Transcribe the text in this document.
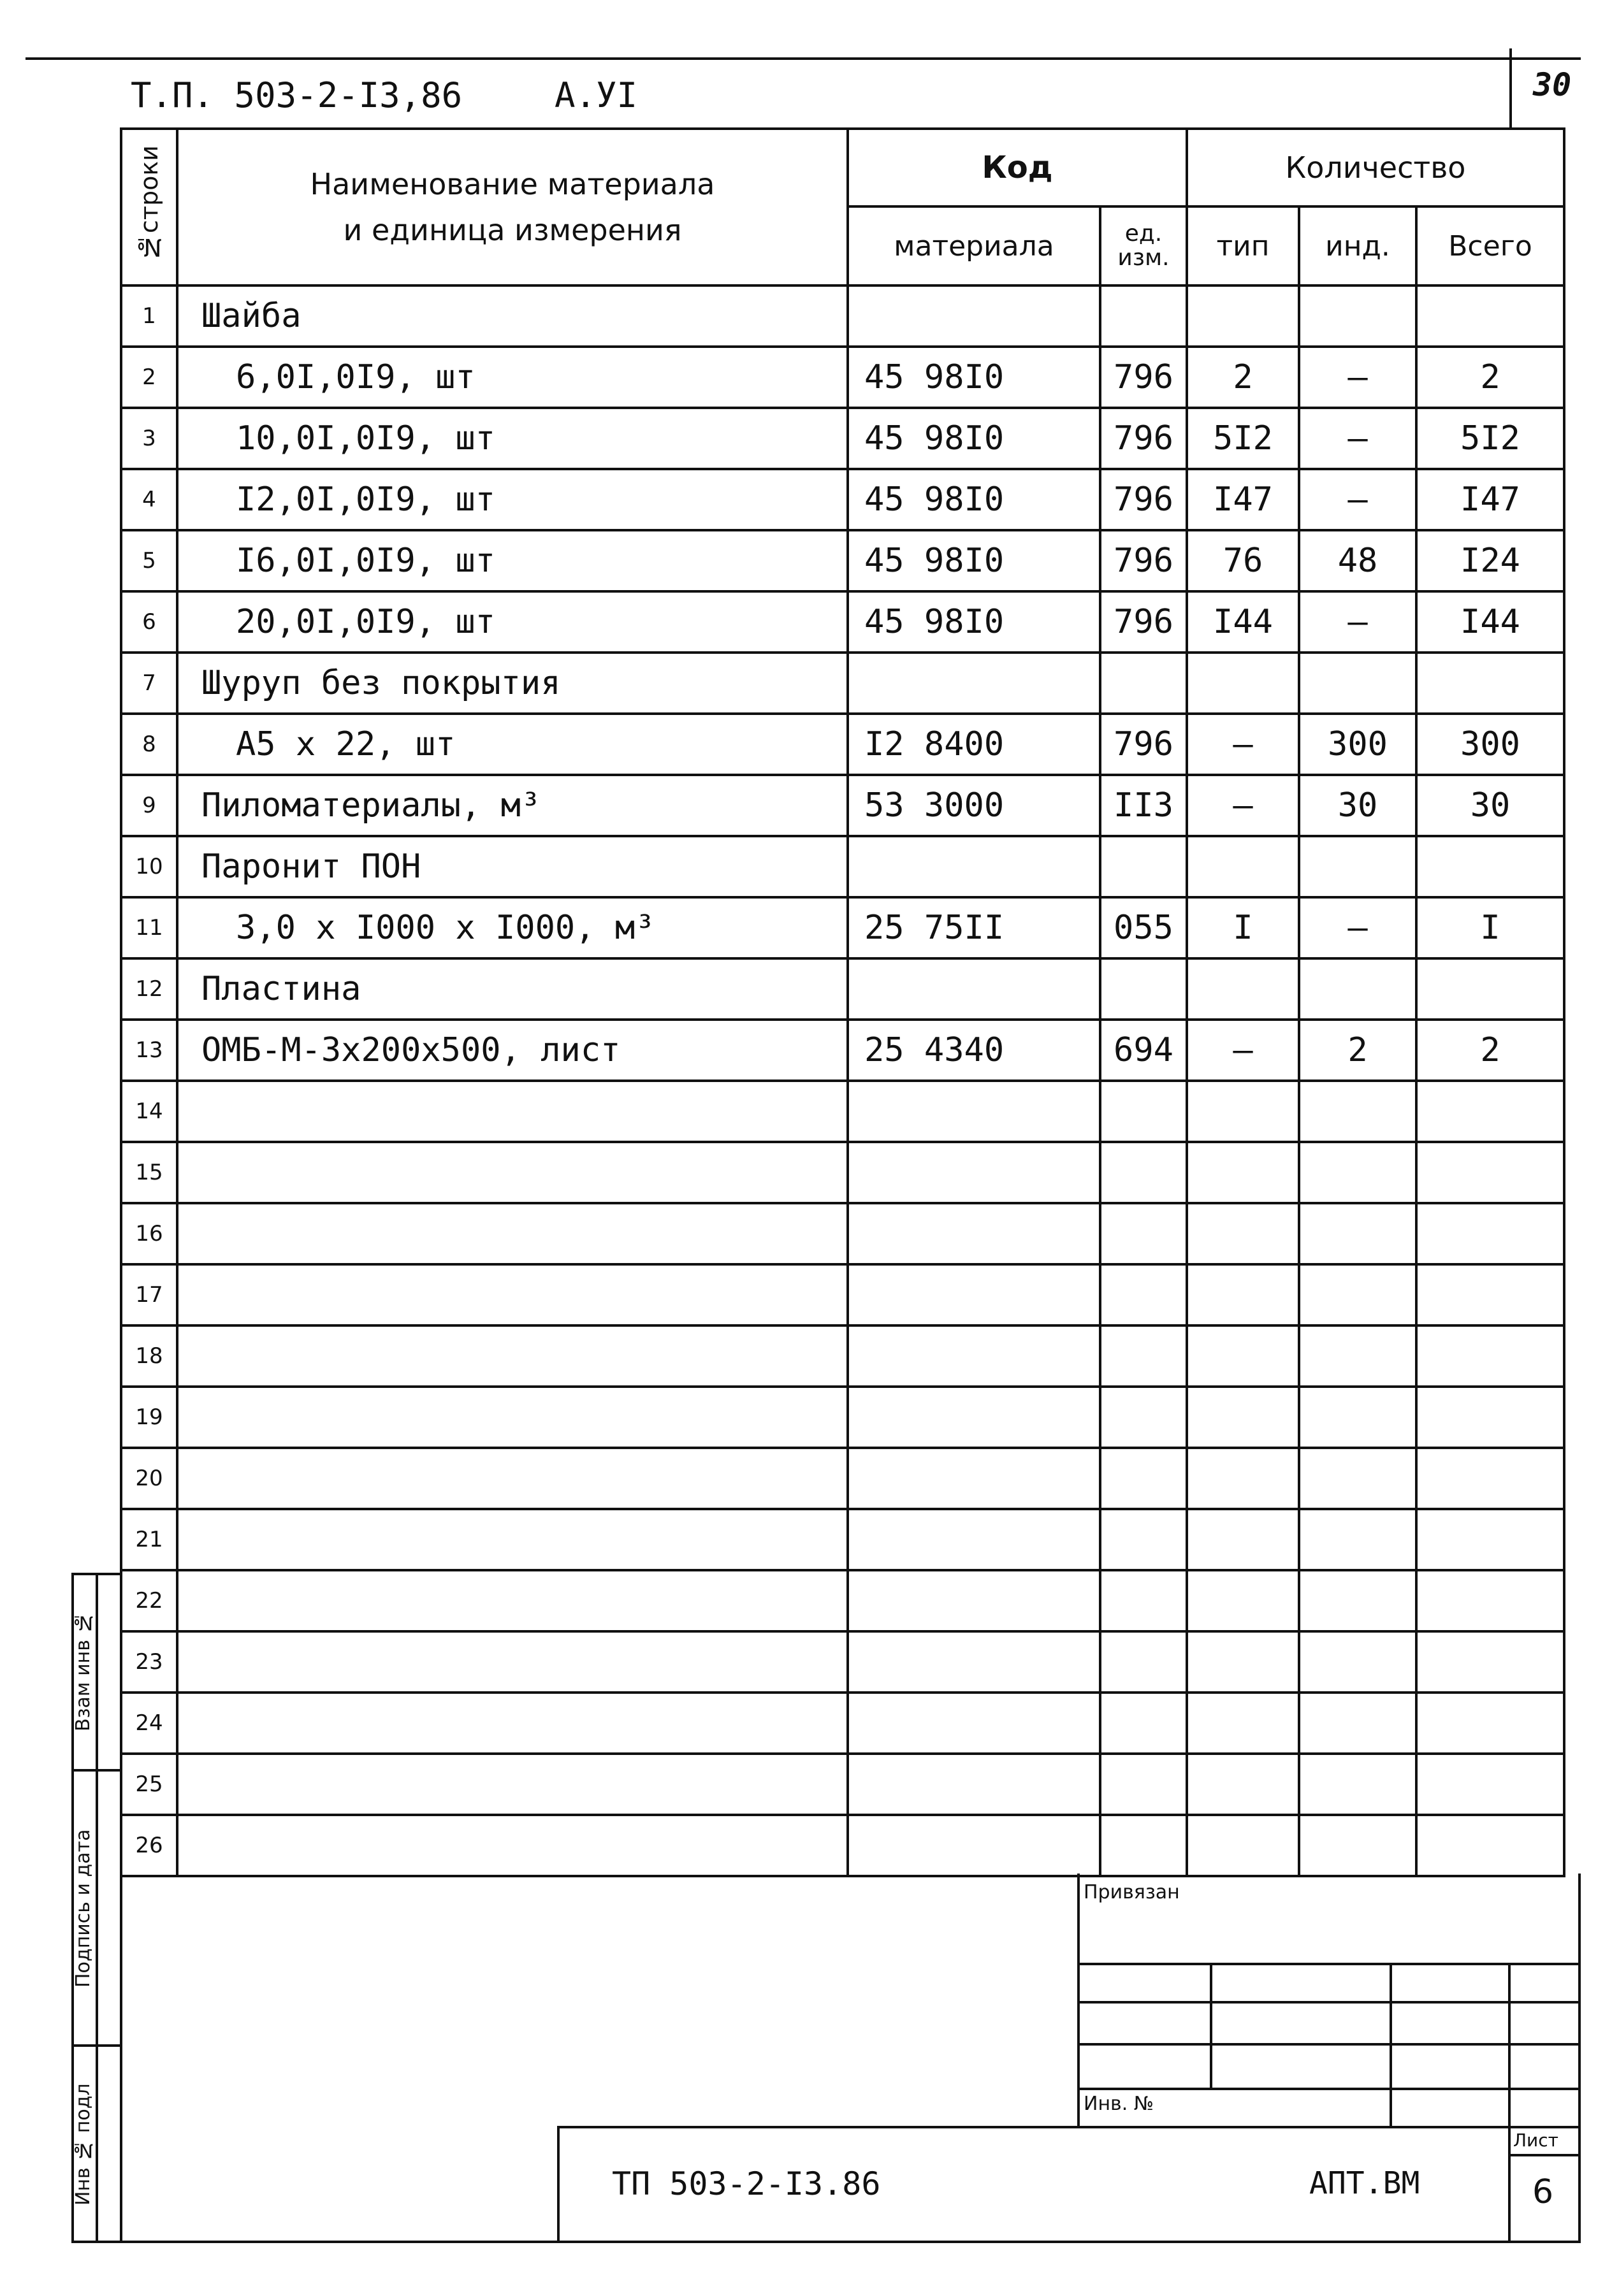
Т.П. 503-2-I3,86	А.УI	30
№строки	Наименование материала
и единица измерения	Код		Количество		
		материала	ед. изм.	тип	инд.	Всего
1	Шайба					
2	6,0I,0I9, шт	45 98I0	796	2	–	2
3	10,0I,0I9, шт	45 98I0	796	5I2	–	5I2
4	I2,0I,0I9, шт	45 98I0	796	I47	–	I47
5	I6,0I,0I9, шт	45 98I0	796	76	48	I24
6	20,0I,0I9, шт	45 98I0	796	I44	–	I44
7	Шуруп без покрытия					
8	А5 х 22, шт	I2 8400	796	–	300	300
9	Пиломатериалы, м³	53 3000	II3	–	30	30
10	Паронит ПОН					
11	3,0 х I000 х I000, м³	25 75II	055	I	–	I
12	Пластина					
13	ОМБ-М-3х200х500, лист	25 4340	694	–	2	2
14						
15						
16						
17						
18						
19						
20						
21						
22						
23						
24						
25						
26						
Взам инв №
Подпись и дата
Инв № подл
Привязан
Инв. №
ТП 503-2-I3.86	АПТ.ВМ
Лист
6
